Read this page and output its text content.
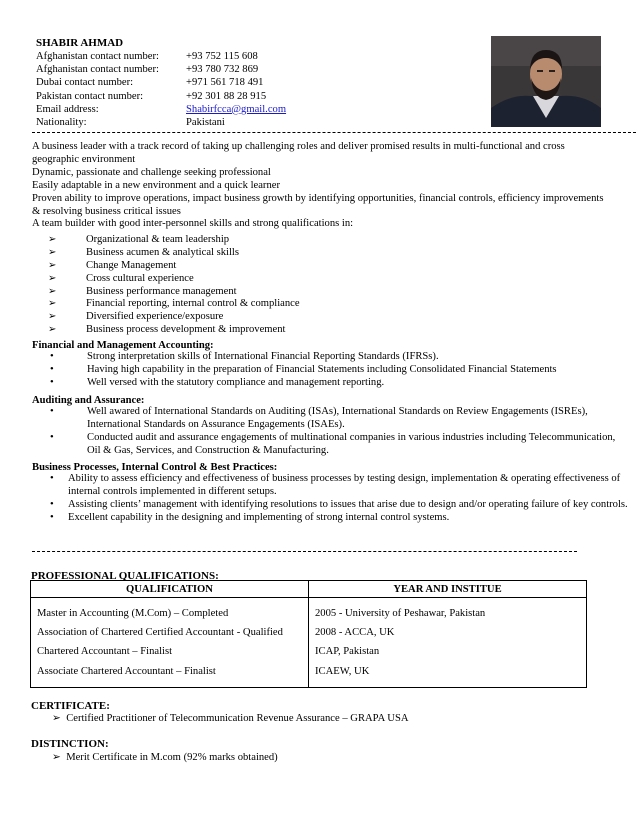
SHABIR AHMAD
Afghanistan contact number:	+93 752 115 608
Afghanistan contact number:	+93 780 732 869
Dubai contact number:	+971 561 718 491
Pakistan contact number:	+92 301 88 28 915
Email address:	Shabirfcca@gmail.com
Nationality:	Pakistani

A business leader with a track record of taking up challenging roles and deliver promised results in multi-functional and cross geographic environment

Dynamic, passionate and challenge seeking professional

Easily adaptable in a new environment and a quick learner

Proven ability to improve operations, impact business growth by identifying opportunities, financial controls, efficiency improvements & resolving business critical issues

A team builder with good inter-personnel skills and strong qualifications in:

➢	Organizational & team leadership
➢	Business acumen & analytical skills
➢	Change Management
➢	Cross cultural experience
➢	Business performance management
➢	Financial reporting, internal control & compliance
➢	Diversified experience/exposure
➢	Business process development & improvement
Financial and Management Accounting:
•	Strong interpretation skills of International Financial Reporting Standards (IFRSs).
•	Having high capability in the preparation of Financial Statements including Consolidated Financial Statements
•	Well versed with the statutory compliance and management reporting.
Auditing and Assurance:
•	Well awared of International Standards on Auditing (ISAs), International Standards on Review Engagements (ISREs), International Standards on Assurance Engagements (ISAEs).
•	Conducted audit and assurance engagements of multinational companies in various industries including Telecommunication, Oil & Gas, Services, and Construction & Manufacturing.
Business Processes, Internal Control & Best Practices:
• Ability to assess efficiency and effectiveness of business processes by testing design, implementation & operating effectiveness of internal controls implemented in different setups.
• Assisting clients’ management with identifying resolutions to issues that arise due to design and/or operating failure of key controls.
• Excellent capability in the designing and implementing of strong internal control systems.
PROFESSIONAL QUALIFICATIONS:
QUALIFICATION	YEAR AND INSTITUE
Master in Accounting (M.Com) – Completed	2005 - University of Peshawar, Pakistan
Association of Chartered Certified Accountant - Qualified	2008 - ACCA, UK
Chartered Accountant – Finalist	ICAP, Pakistan
Associate Chartered Accountant – Finalist	ICAEW, UK
CERTIFICATE:
➢  Certified Practitioner of Telecommunication Revenue Assurance – GRAPA USA
DISTINCTION:
➢  Merit Certificate in M.com (92% marks obtained)
